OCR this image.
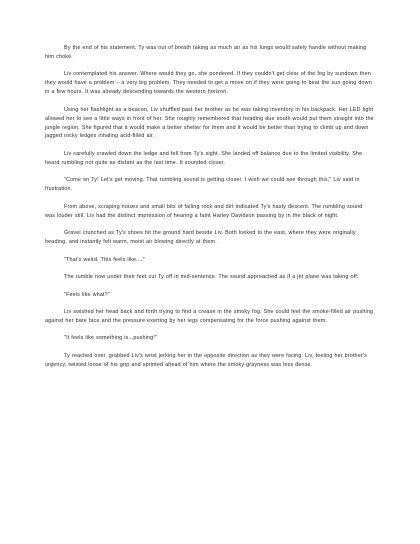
By the end of his statement, Ty was out of breath taking as much air as his lungs would safely handle without making him choke.

Liv contemplated his answer. Where would they go, she pondered. If they couldn't get clear of the fog by sundown then they would have a problem – a very big problem. They needed to get a move on if they were going to beat the sun going down in a few hours. It was already descending towards the western horizon.

Using her flashlight as a beacon, Liv shuffled past her brother as he was taking inventory in his backpack. Her LED light allowed her to see a little ways in front of her. She roughly remembered that heading due south would put them straight into the jungle region. She figured that it would make a better shelter for them and it would be better than trying to climb up and down jagged rocky ledges inhaling acid-filled air.

Liv carefully crawled down the ledge and fell from Ty's sight. She landed off balance due to the limited visibility. She heard rumbling not quite as distant as the last time. It sounded closer.

"Come on Ty! Let's get moving. That rumbling sound is getting closer. I wish we could see through this," Liv said in frustration.

From above, scraping noises and small bits of falling rock and dirt indicated Ty's hasty descent. The rumbling sound was louder still. Liv had the distinct impression of hearing a faint Harley Davidson passing by in the black of night.

Gravel crunched as Ty's shoes hit the ground hard beside Liv. Both looked to the east, where they were originally heading, and instantly felt warm, moist air blowing directly at them.

"That's weird. This feels like...."

The rumble now under their feet cut Ty off in mid-sentence. The sound approached as if a jet plane was taking off.

"Feels like what?"

Liv swished her head back and forth trying to find a crease in the smoky fog. She could feel the smoke-filled air pushing against her bare face and the pressure exerting by her legs compensating for the force pushing against them.

"It feels like something is...pushing!"

Ty reached over, grabbed Liv's wrist jerking her in the opposite direction as they were facing. Liv, feeling her brother's urgency, twisted loose of his grip and sprinted ahead of him where the smoky grayness was less dense.
